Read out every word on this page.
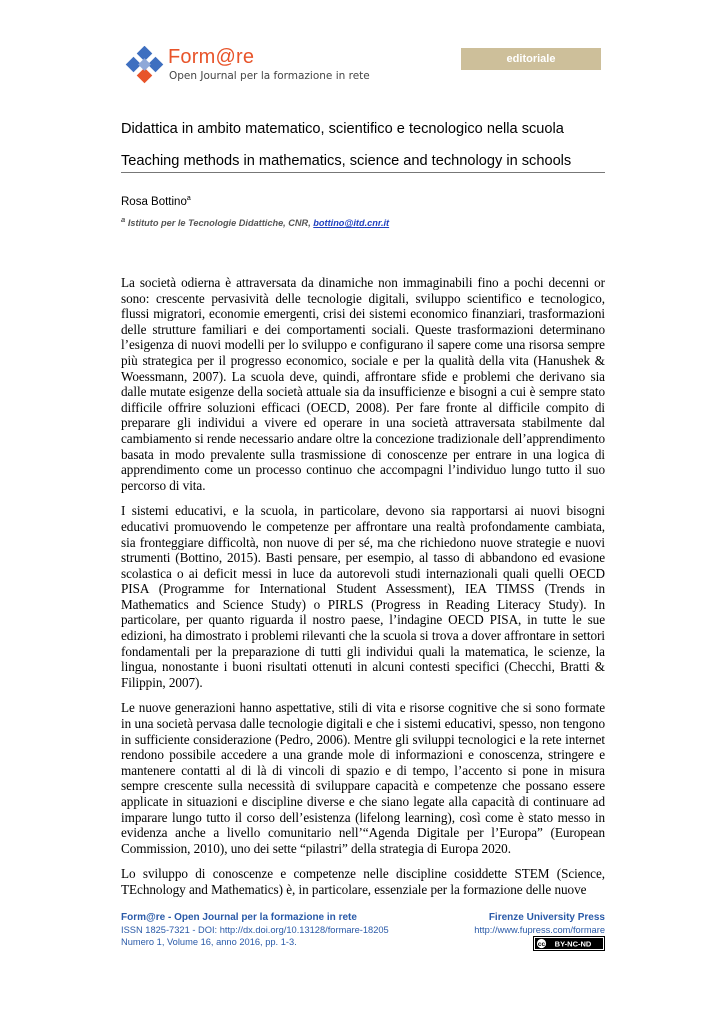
Form@re
Open Journal per la formazione in rete
editoriale
Didattica in ambito matematico, scientifico e tecnologico nella scuola
Teaching methods in mathematics, science and technology in schools
Rosa Bottino$^a$
$^a$ Istituto per le Tecnologie Didattiche, CNR, bottino@itd.cnr.it

La società odierna è attraversata da dinamiche non immaginabili fino a pochi decenni or sono: crescente pervasività delle tecnologie digitali, sviluppo scientifico e tecnologico, flussi migratori, economie emergenti, crisi dei sistemi economico finanziari, trasformazioni delle strutture familiari e dei comportamenti sociali. Queste trasformazioni determinano l’esigenza di nuovi modelli per lo sviluppo e configurano il sapere come una risorsa sempre più strategica per il progresso economico, sociale e per la qualità della vita (Hanushek & Woessmann, 2007). La scuola deve, quindi, affrontare sfide e problemi che derivano sia dalle mutate esigenze della società attuale sia da insufficienze e bisogni a cui è sempre stato difficile offrire soluzioni efficaci (OECD, 2008). Per fare fronte al difficile compito di preparare gli individui a vivere ed operare in una società attraversata stabilmente dal cambiamento si rende necessario andare oltre la concezione tradizionale dell’apprendimento basata in modo prevalente sulla trasmissione di conoscenze per entrare in una logica di apprendimento come un processo continuo che accompagni l’individuo lungo tutto il suo percorso di vita.

I sistemi educativi, e la scuola, in particolare, devono sia rapportarsi ai nuovi bisogni educativi promuovendo le competenze per affrontare una realtà profondamente cambiata, sia fronteggiare difficoltà, non nuove di per sé, ma che richiedono nuove strategie e nuovi strumenti (Bottino, 2015). Basti pensare, per esempio, al tasso di abbandono ed evasione scolastica o ai deficit messi in luce da autorevoli studi internazionali quali quelli OECD PISA (Programme for International Student Assessment), IEA TIMSS (Trends in Mathematics and Science Study) o PIRLS (Progress in Reading Literacy Study). In particolare, per quanto riguarda il nostro paese, l’indagine OECD PISA, in tutte le sue edizioni, ha dimostrato i problemi rilevanti che la scuola si trova a dover affrontare in settori fondamentali per la preparazione di tutti gli individui quali la matematica, le scienze, la lingua, nonostante i buoni risultati ottenuti in alcuni contesti specifici (Checchi, Bratti & Filippin, 2007).

Le nuove generazioni hanno aspettative, stili di vita e risorse cognitive che si sono formate in una società pervasa dalle tecnologie digitali e che i sistemi educativi, spesso, non tengono in sufficiente considerazione (Pedro, 2006). Mentre gli sviluppi tecnologici e la rete internet rendono possibile accedere a una grande mole di informazioni e conoscenza, stringere e mantenere contatti al di là di vincoli di spazio e di tempo, l’accento si pone in misura sempre crescente sulla necessità di sviluppare capacità e competenze che possano essere applicate in situazioni e discipline diverse e che siano legate alla capacità di continuare ad imparare lungo tutto il corso dell’esistenza (lifelong learning), così come è stato messo in evidenza anche a livello comunitario nell’“Agenda Digitale per l’Europa” (European Commission, 2010), uno dei sette “pilastri” della strategia di Europa 2020.

Lo sviluppo di conoscenze e competenze nelle discipline cosiddette STEM (Science, TEchnology and Mathematics) è, in particolare, essenziale per la formazione delle nuove

Form@re - Open Journal per la formazione in rete
ISSN 1825-7321 - DOI: http://dx.doi.org/10.13128/formare-18205
Numero 1, Volume 16, anno 2016, pp. 1-3.
Firenze University Press
http://www.fupress.com/formare
cc BY-NC-ND
